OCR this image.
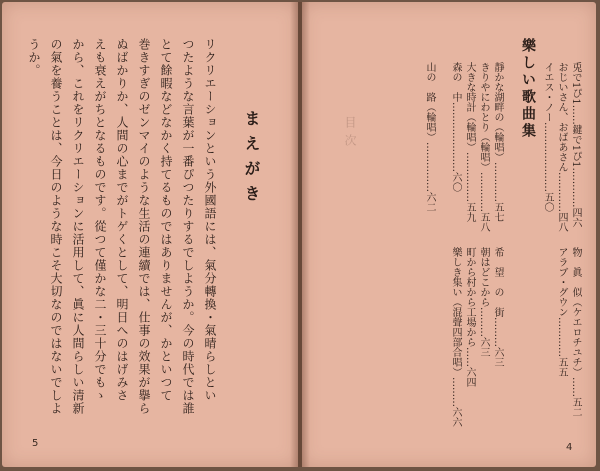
まえがき
リクリエーションという外國語には、氣分轉換・氣晴らしとい
つたような言葉が一番ぴつたりするでしようか。今の時代では誰
とて餘暇などなかく持てるものではありませんが、かといつて
巻きすぎのゼンマイのような生活の連續では、仕事の效果が擧ら
ぬばかりか、人間の心までがトゲくとして、明日へのはげみさ
えも衰えがちとなるものです。從つて僅かな二・三十分でもゝ
から、これをリクリエーションに活用して、眞に人間らしい清新
の氣を養うことは、今日のような時こそ大切なのではないでしよ
うか。
5
目次	樂しい歌曲集	兎で1ぴ1……鍵で1ぴ1…………四六
おじいさん、おばあさん…………四八
イエス・ノー…………………五〇
靜かな湖畔の（輪唱）…………五七
きりやにわとり（輪唱）…………五八
大きな時計（輪唱）……………五九
森の　中…………………六〇
山の　路（輪唱）……………六二
物　眞　似（ケエロチユチ）……五二
アラブ・グウン…………五五
希　望　の　街………六三
朝はどこから………六三
町から村から工場から……六四
樂しき集い（混聲四部合唱）………六六
4
